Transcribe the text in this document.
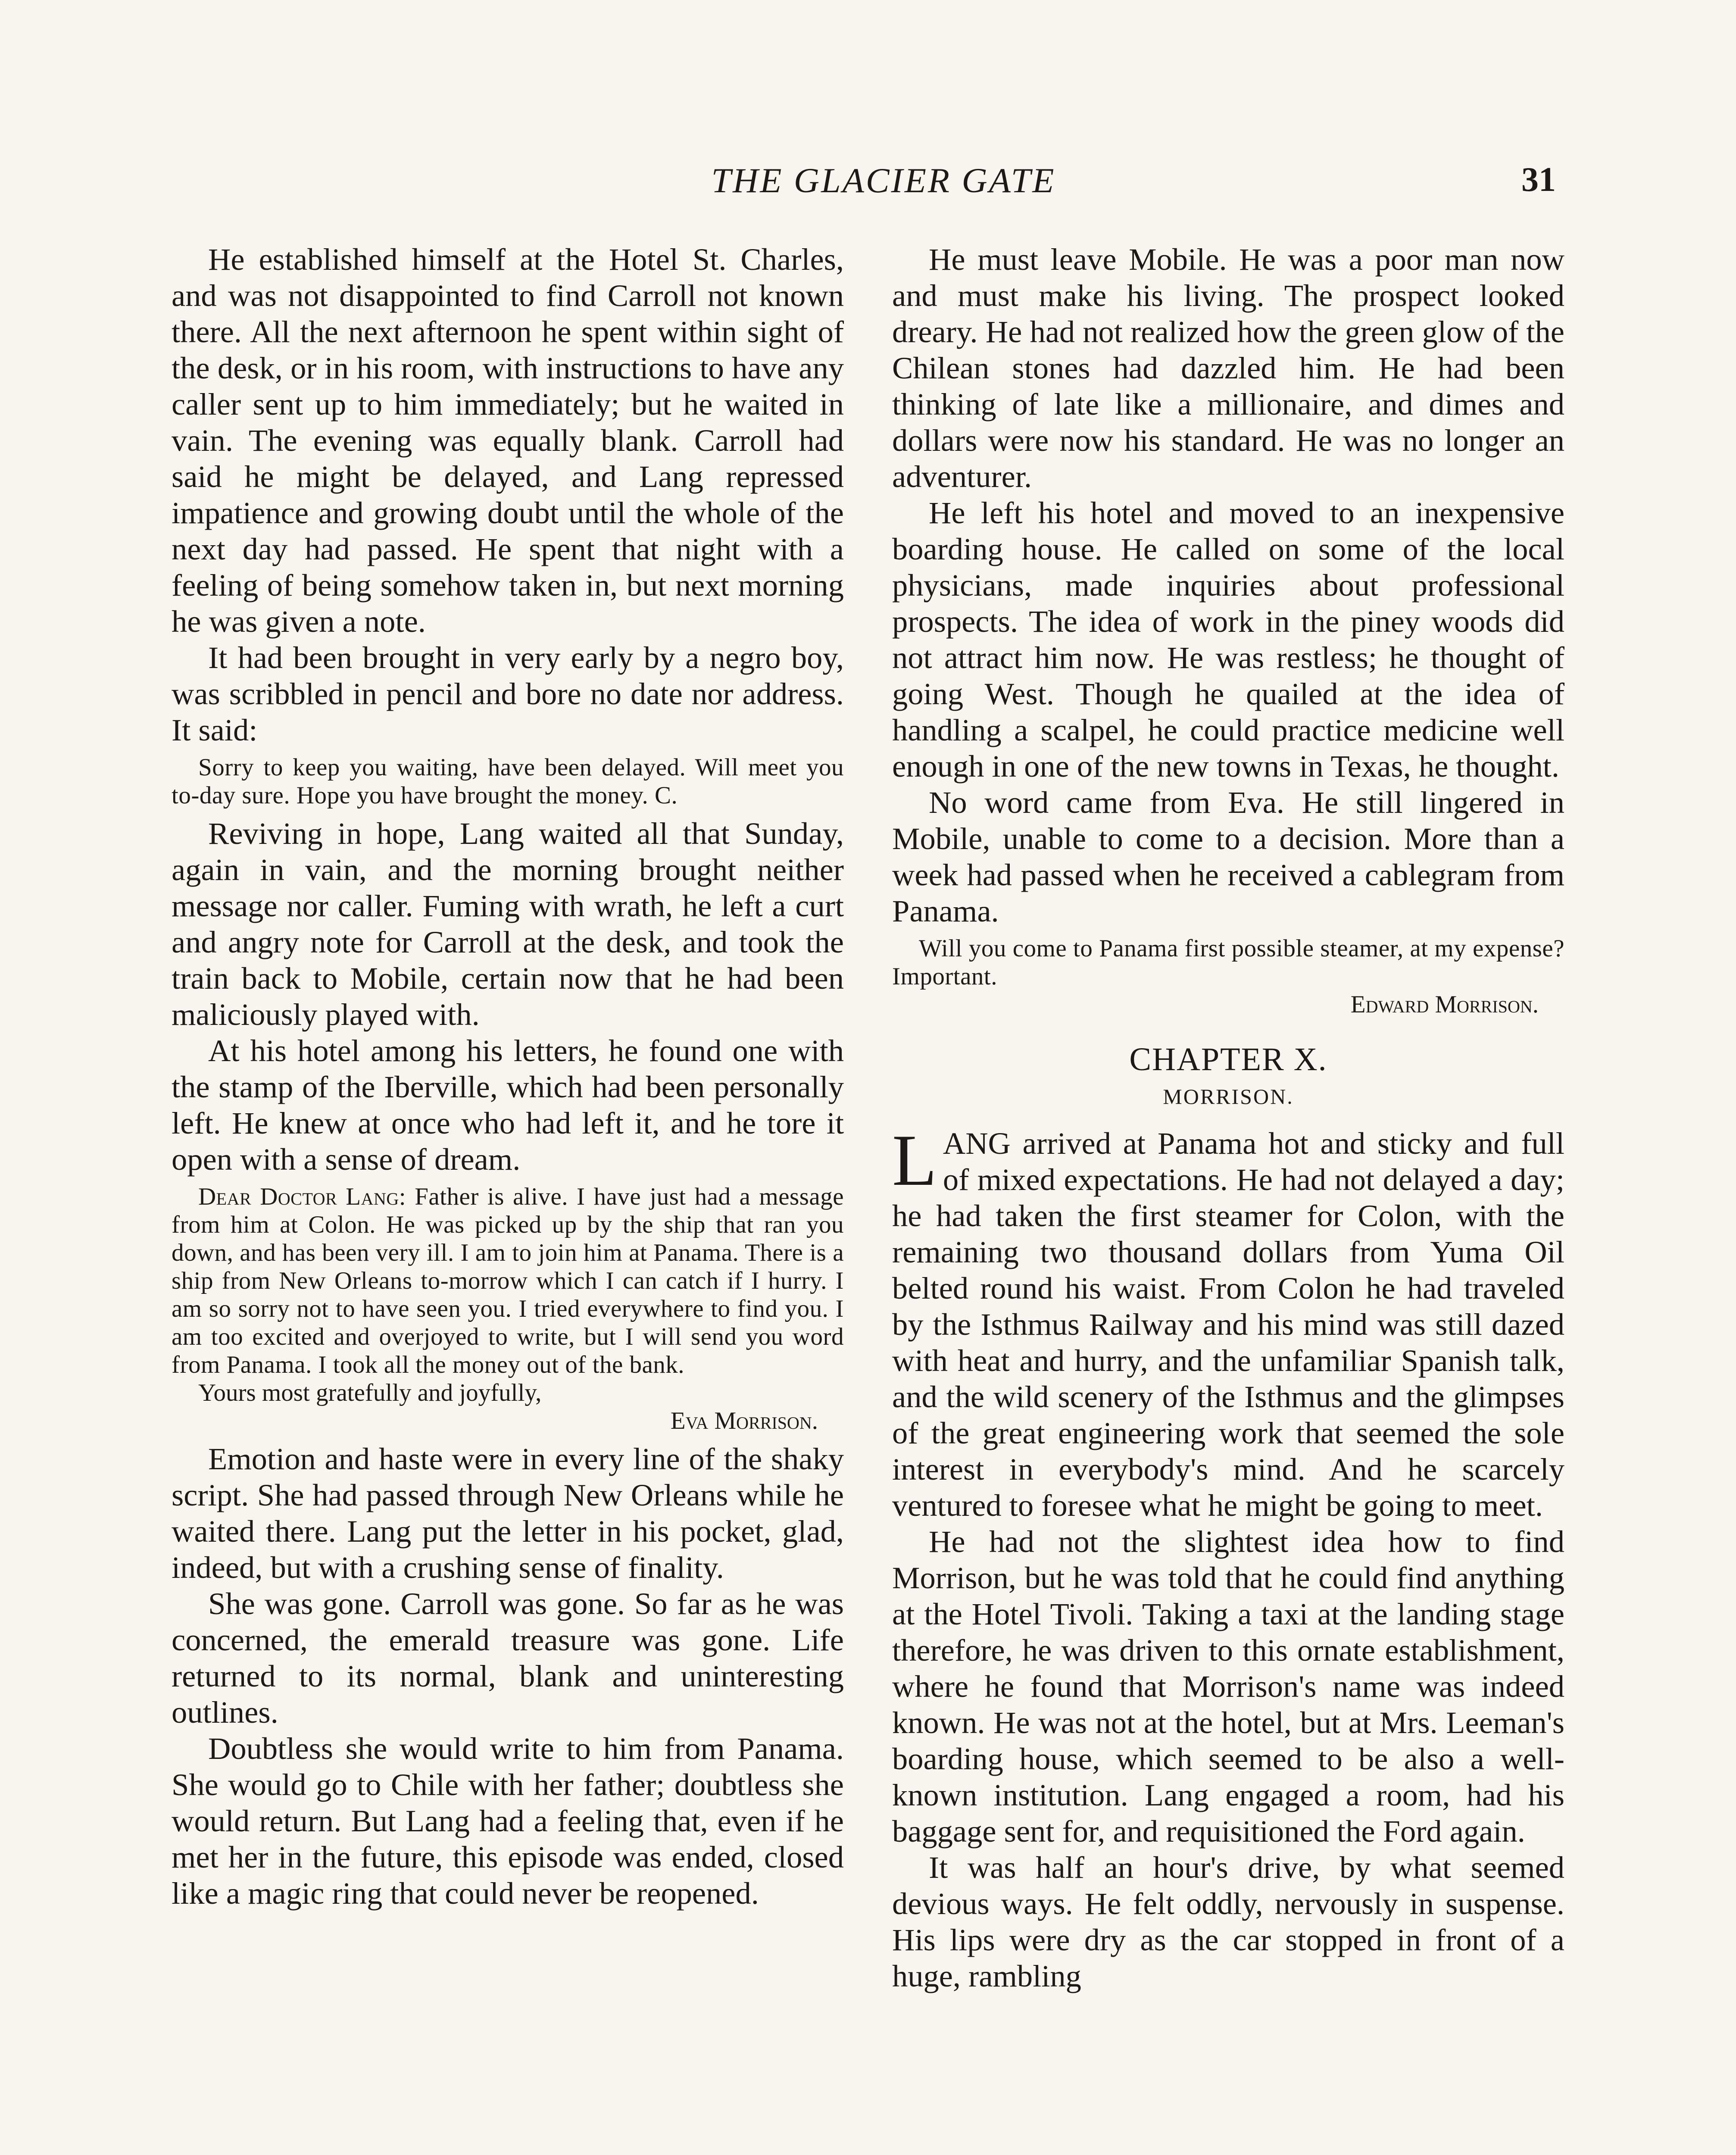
THE GLACIER GATE	31

He established himself at the Hotel St. Charles, and was not disappointed to find Carroll not known there. All the next afternoon he spent within sight of the desk, or in his room, with instructions to have any caller sent up to him immediately; but he waited in vain. The evening was equally blank. Carroll had said he might be delayed, and Lang repressed impatience and growing doubt until the whole of the next day had passed. He spent that night with a feeling of being somehow taken in, but next morning he was given a note.

It had been brought in very early by a negro boy, was scribbled in pencil and bore no date nor address. It said:

Sorry to keep you waiting, have been delayed. Will meet you to-day sure. Hope you have brought the money. C.

Reviving in hope, Lang waited all that Sunday, again in vain, and the morning brought neither message nor caller. Fuming with wrath, he left a curt and angry note for Carroll at the desk, and took the train back to Mobile, certain now that he had been maliciously played with.

At his hotel among his letters, he found one with the stamp of the Iberville, which had been personally left. He knew at once who had left it, and he tore it open with a sense of dream.

Dear Doctor Lang: Father is alive. I have just had a message from him at Colon. He was picked up by the ship that ran you down, and has been very ill. I am to join him at Panama. There is a ship from New Orleans to-morrow which I can catch if I hurry. I am so sorry not to have seen you. I tried everywhere to find you. I am too excited and overjoyed to write, but I will send you word from Panama. I took all the money out of the bank.

Yours most gratefully and joyfully,

Eva Morrison.

Emotion and haste were in every line of the shaky script. She had passed through New Orleans while he waited there. Lang put the letter in his pocket, glad, indeed, but with a crushing sense of finality.

She was gone. Carroll was gone. So far as he was concerned, the emerald treasure was gone. Life returned to its normal, blank and uninteresting outlines.

Doubtless she would write to him from Panama. She would go to Chile with her father; doubtless she would return. But Lang had a feeling that, even if he met her in the future, this episode was ended, closed like a magic ring that could never be reopened.

He must leave Mobile. He was a poor man now and must make his living. The prospect looked dreary. He had not realized how the green glow of the Chilean stones had dazzled him. He had been thinking of late like a millionaire, and dimes and dollars were now his standard. He was no longer an adventurer.

He left his hotel and moved to an inexpensive boarding house. He called on some of the local physicians, made inquiries about professional prospects. The idea of work in the piney woods did not attract him now. He was restless; he thought of going West. Though he quailed at the idea of handling a scalpel, he could practice medicine well enough in one of the new towns in Texas, he thought.

No word came from Eva. He still lingered in Mobile, unable to come to a decision. More than a week had passed when he received a cablegram from Panama.

Will you come to Panama first possible steamer, at my expense? Important.

Edward Morrison.

CHAPTER X.

MORRISON.

LANG arrived at Panama hot and sticky and full of mixed expectations. He had not delayed a day; he had taken the first steamer for Colon, with the remaining two thousand dollars from Yuma Oil belted round his waist. From Colon he had traveled by the Isthmus Railway and his mind was still dazed with heat and hurry, and the unfamiliar Spanish talk, and the wild scenery of the Isthmus and the glimpses of the great engineering work that seemed the sole interest in everybody's mind. And he scarcely ventured to foresee what he might be going to meet.

He had not the slightest idea how to find Morrison, but he was told that he could find anything at the Hotel Tivoli. Taking a taxi at the landing stage therefore, he was driven to this ornate establishment, where he found that Morrison's name was indeed known. He was not at the hotel, but at Mrs. Leeman's boarding house, which seemed to be also a well-known institution. Lang engaged a room, had his baggage sent for, and requisitioned the Ford again.

It was half an hour's drive, by what seemed devious ways. He felt oddly, nervously in suspense. His lips were dry as the car stopped in front of a huge, rambling
